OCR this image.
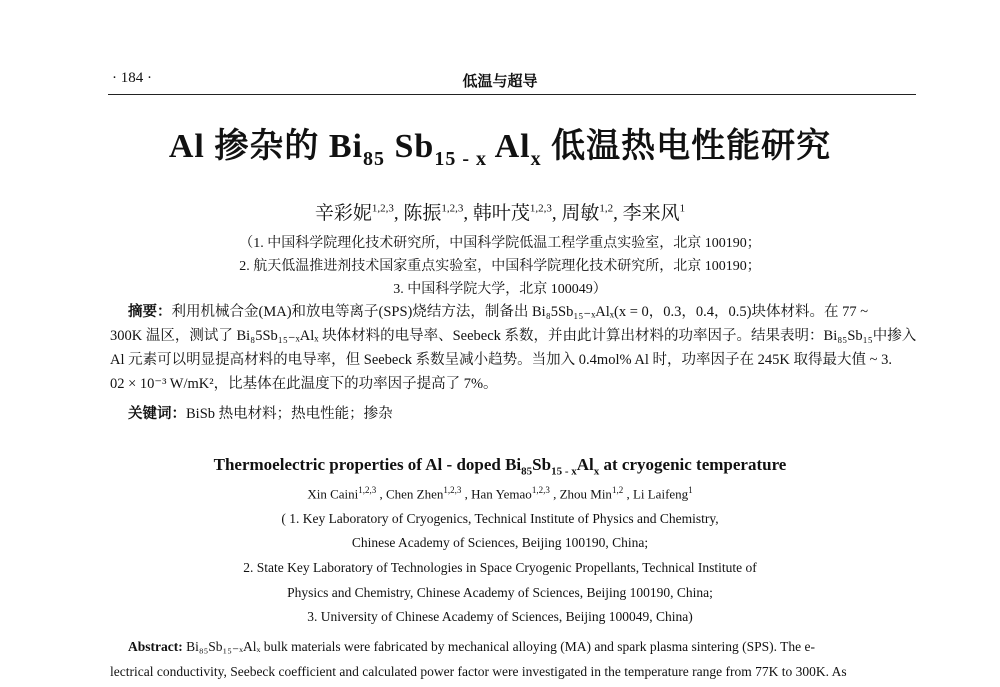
· 184 ·	低温与超导
Al 掺杂的 $Bi_{85}$ $Sb_{15 - x}$ $Al_x$ 低温热电性能研究
辛彩妮$^{1,2,3}$, 陈振$^{1,2,3}$, 韩叶茂$^{1,2,3}$, 周敏$^{1,2}$, 李来风$^1$
（1. 中国科学院理化技术研究所，中国科学院低温工程学重点实验室，北京 100190；
2. 航天低温推进剂技术国家重点实验室，中国科学院理化技术研究所，北京 100190；
3. 中国科学院大学，北京 100049）
摘要：利用机械合金(MA)和放电等离子(SPS)烧结方法，制备出 Bi₈5Sb₁₅₋ₓAlₓ(x = 0，0.3，0.4，0.5)块体材料。在 77 ~
300K 温区，测试了 Bi₈5Sb₁₅₋ₓAlₓ 块体材料的电导率、Seebeck 系数，并由此计算出材料的功率因子。结果表明：Bi₈₅Sb₁₅中掺入
Al 元素可以明显提高材料的电导率，但 Seebeck 系数呈减小趋势。当加入 0.4mol% Al 时，功率因子在 245K 取得最大值 ~ 3.
02 × 10⁻³ W/mK²，比基体在此温度下的功率因子提高了 7%。
关键词：BiSb 热电材料；热电性能；掺杂
Thermoelectric properties of Al - doped $Bi_{85}Sb_{15 - x}Al_x$ at cryogenic temperature
Xin Caini$^{1,2,3}$ , Chen Zhen$^{1,2,3}$ , Han Yemao$^{1,2,3}$ , Zhou Min$^{1,2}$ , Li Laifeng$^1$
( 1. Key Laboratory of Cryogenics, Technical Institute of Physics and Chemistry,
Chinese Academy of Sciences, Beijing 100190, China;
2. State Key Laboratory of Technologies in Space Cryogenic Propellants, Technical Institute of
Physics and Chemistry, Chinese Academy of Sciences, Beijing 100190, China;
3. University of Chinese Academy of Sciences, Beijing 100049, China)
Abstract: Bi₈₅Sb₁₅₋ₓAlₓ bulk materials were fabricated by mechanical alloying (MA) and spark plasma sintering (SPS). The e-
lectrical conductivity, Seebeck coefficient and calculated power factor were investigated in the temperature range from 77K to 300K. As
